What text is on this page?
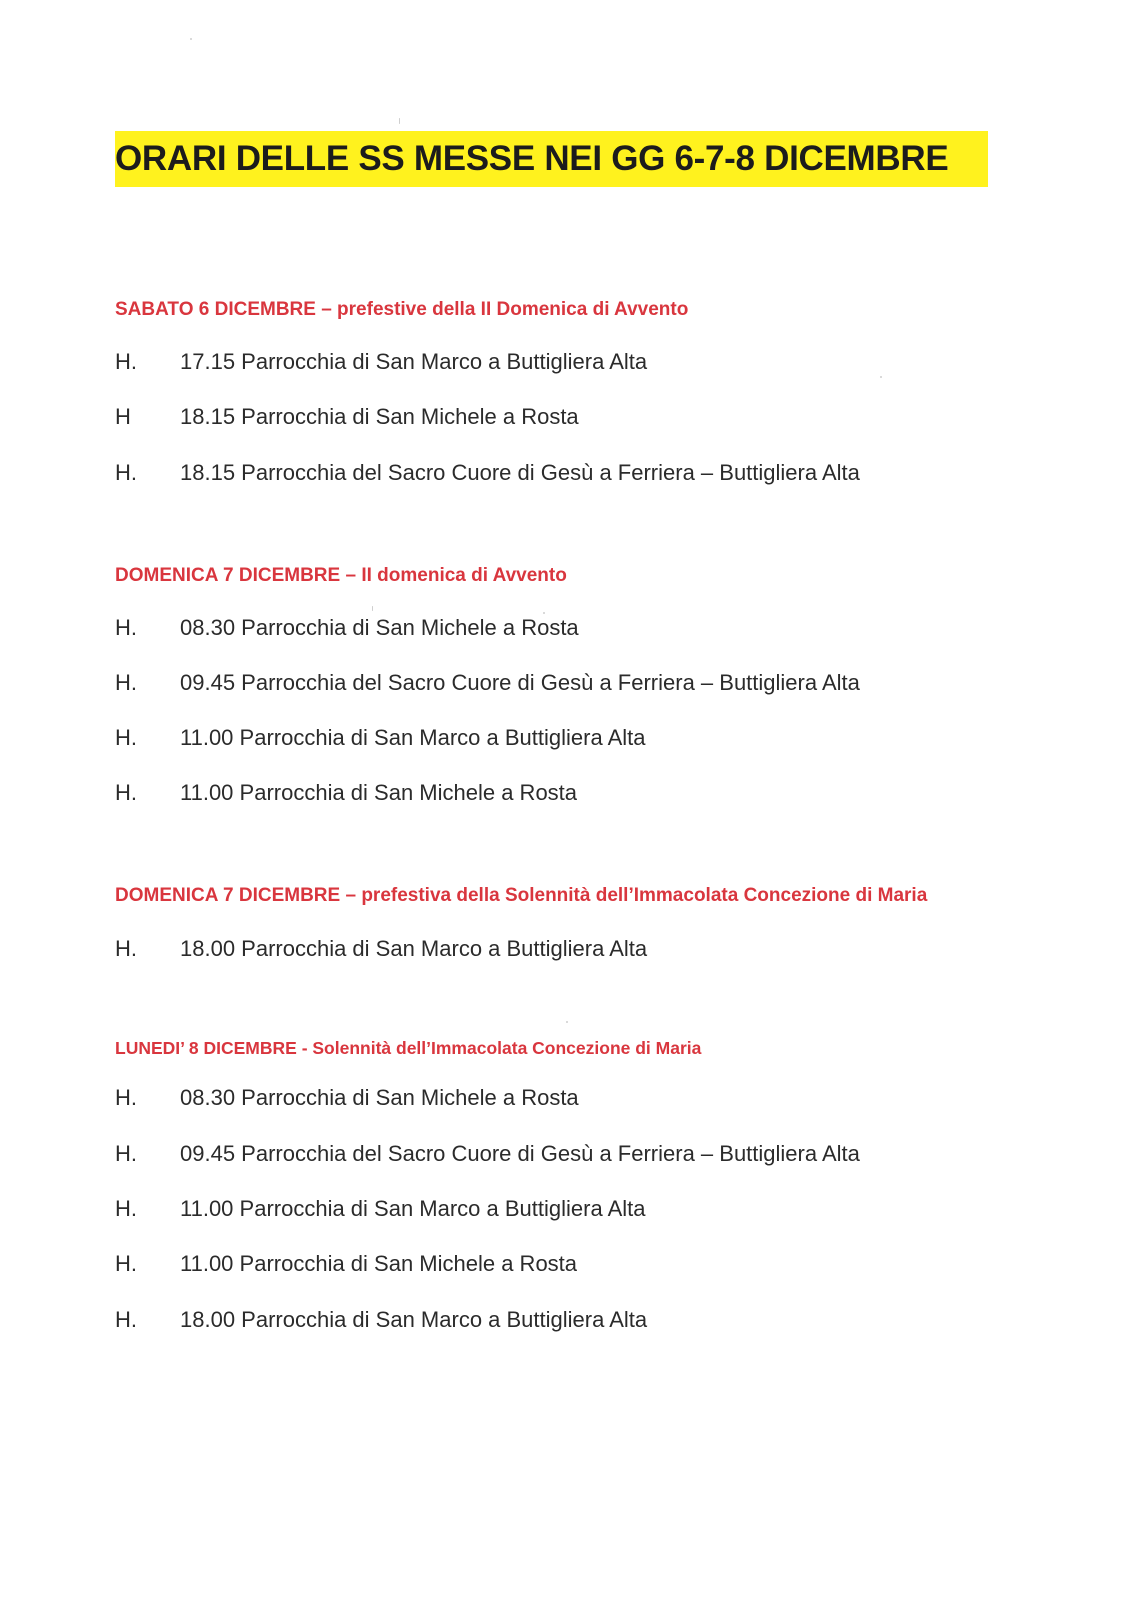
ORARI DELLE SS MESSE NEI GG 6-7-8 DICEMBRE
SABATO 6 DICEMBRE – prefestive della II Domenica di Avvento
H. 17.15 Parrocchia di San Marco a Buttigliera Alta
H 18.15 Parrocchia di San Michele a Rosta
H. 18.15 Parrocchia del Sacro Cuore di Gesù a Ferriera – Buttigliera Alta
DOMENICA 7 DICEMBRE – II domenica di Avvento
H. 08.30 Parrocchia di San Michele a Rosta
H. 09.45 Parrocchia del Sacro Cuore di Gesù a Ferriera – Buttigliera Alta
H. 11.00 Parrocchia di San Marco a Buttigliera Alta
H. 11.00 Parrocchia di San Michele a Rosta
DOMENICA 7 DICEMBRE – prefestiva della Solennità dell’Immacolata Concezione di Maria
H. 18.00 Parrocchia di San Marco a Buttigliera Alta
LUNEDI’ 8 DICEMBRE - Solennità dell’Immacolata Concezione di Maria
H. 08.30 Parrocchia di San Michele a Rosta
H. 09.45 Parrocchia del Sacro Cuore di Gesù a Ferriera – Buttigliera Alta
H. 11.00 Parrocchia di San Marco a Buttigliera Alta
H. 11.00 Parrocchia di San Michele a Rosta
H. 18.00 Parrocchia di San Marco a Buttigliera Alta
